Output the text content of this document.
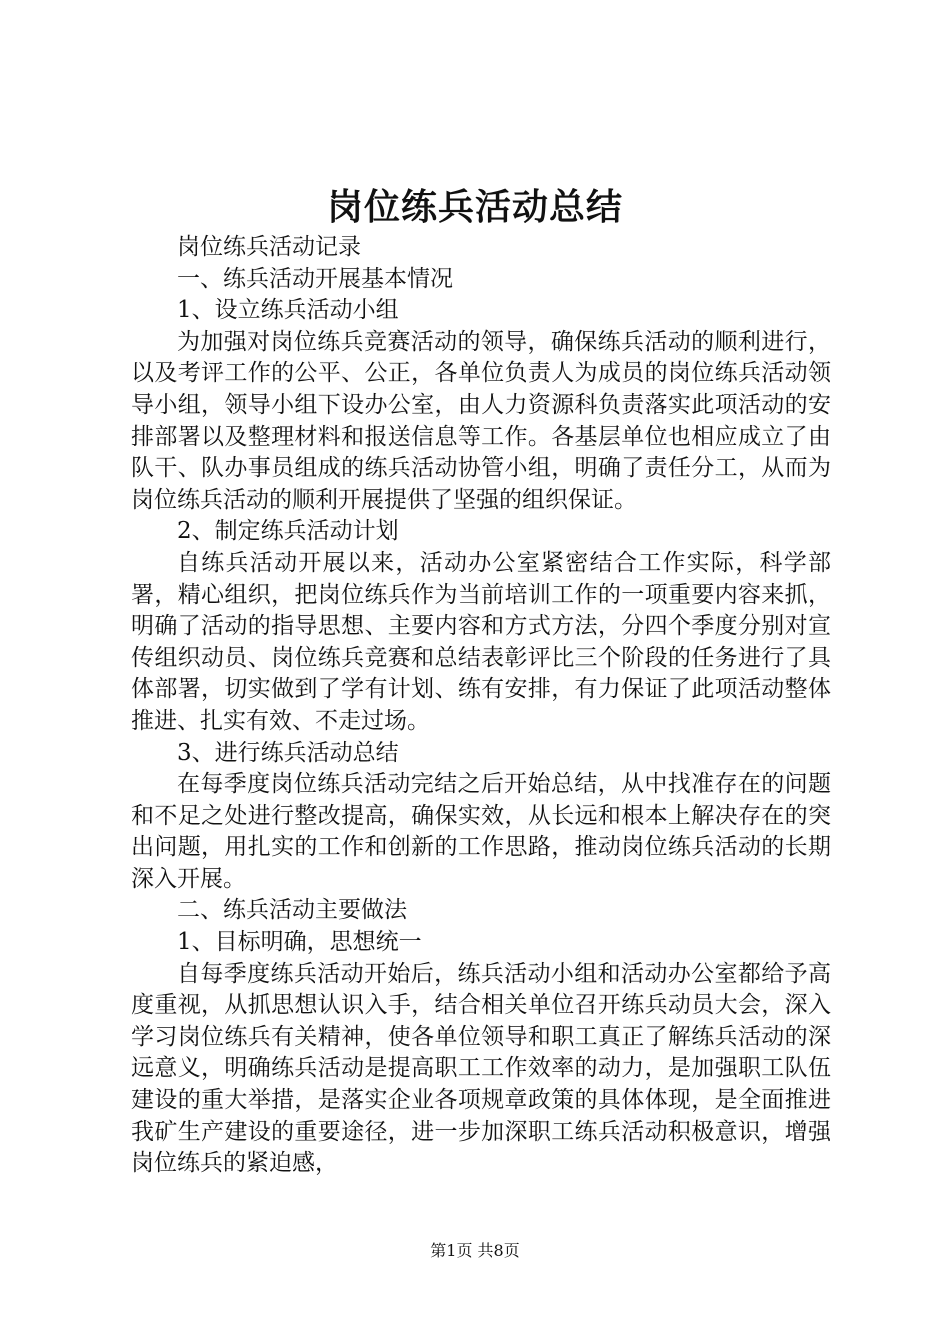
岗位练兵活动总结

岗位练兵活动记录

一、练兵活动开展基本情况

1、设立练兵活动小组

为加强对岗位练兵竞赛活动的领导，确保练兵活动的顺利进行，以及考评工作的公平、公正，各单位负责人为成员的岗位练兵活动领导小组，领导小组下设办公室，由人力资源科负责落实此项活动的安排部署以及整理材料和报送信息等工作。各基层单位也相应成立了由队干、队办事员组成的练兵活动协管小组，明确了责任分工，从而为岗位练兵活动的顺利开展提供了坚强的组织保证。

2、制定练兵活动计划

自练兵活动开展以来，活动办公室紧密结合工作实际，科学部署，精心组织，把岗位练兵作为当前培训工作的一项重要内容来抓，明确了活动的指导思想、主要内容和方式方法，分四个季度分别对宣传组织动员、岗位练兵竞赛和总结表彰评比三个阶段的任务进行了具体部署，切实做到了学有计划、练有安排，有力保证了此项活动整体推进、扎实有效、不走过场。

3、进行练兵活动总结

在每季度岗位练兵活动完结之后开始总结，从中找准存在的问题和不足之处进行整改提高，确保实效，从长远和根本上解决存在的突出问题，用扎实的工作和创新的工作思路，推动岗位练兵活动的长期深入开展。

二、练兵活动主要做法

1、目标明确，思想统一

自每季度练兵活动开始后，练兵活动小组和活动办公室都给予高度重视，从抓思想认识入手，结合相关单位召开练兵动员大会，深入学习岗位练兵有关精神，使各单位领导和职工真正了解练兵活动的深远意义，明确练兵活动是提高职工工作效率的动力，是加强职工队伍建设的重大举措，是落实企业各项规章政策的具体体现，是全面推进我矿生产建设的重要途径，进一步加深职工练兵活动积极意识，增强岗位练兵的紧迫感，

第1页 共8页
